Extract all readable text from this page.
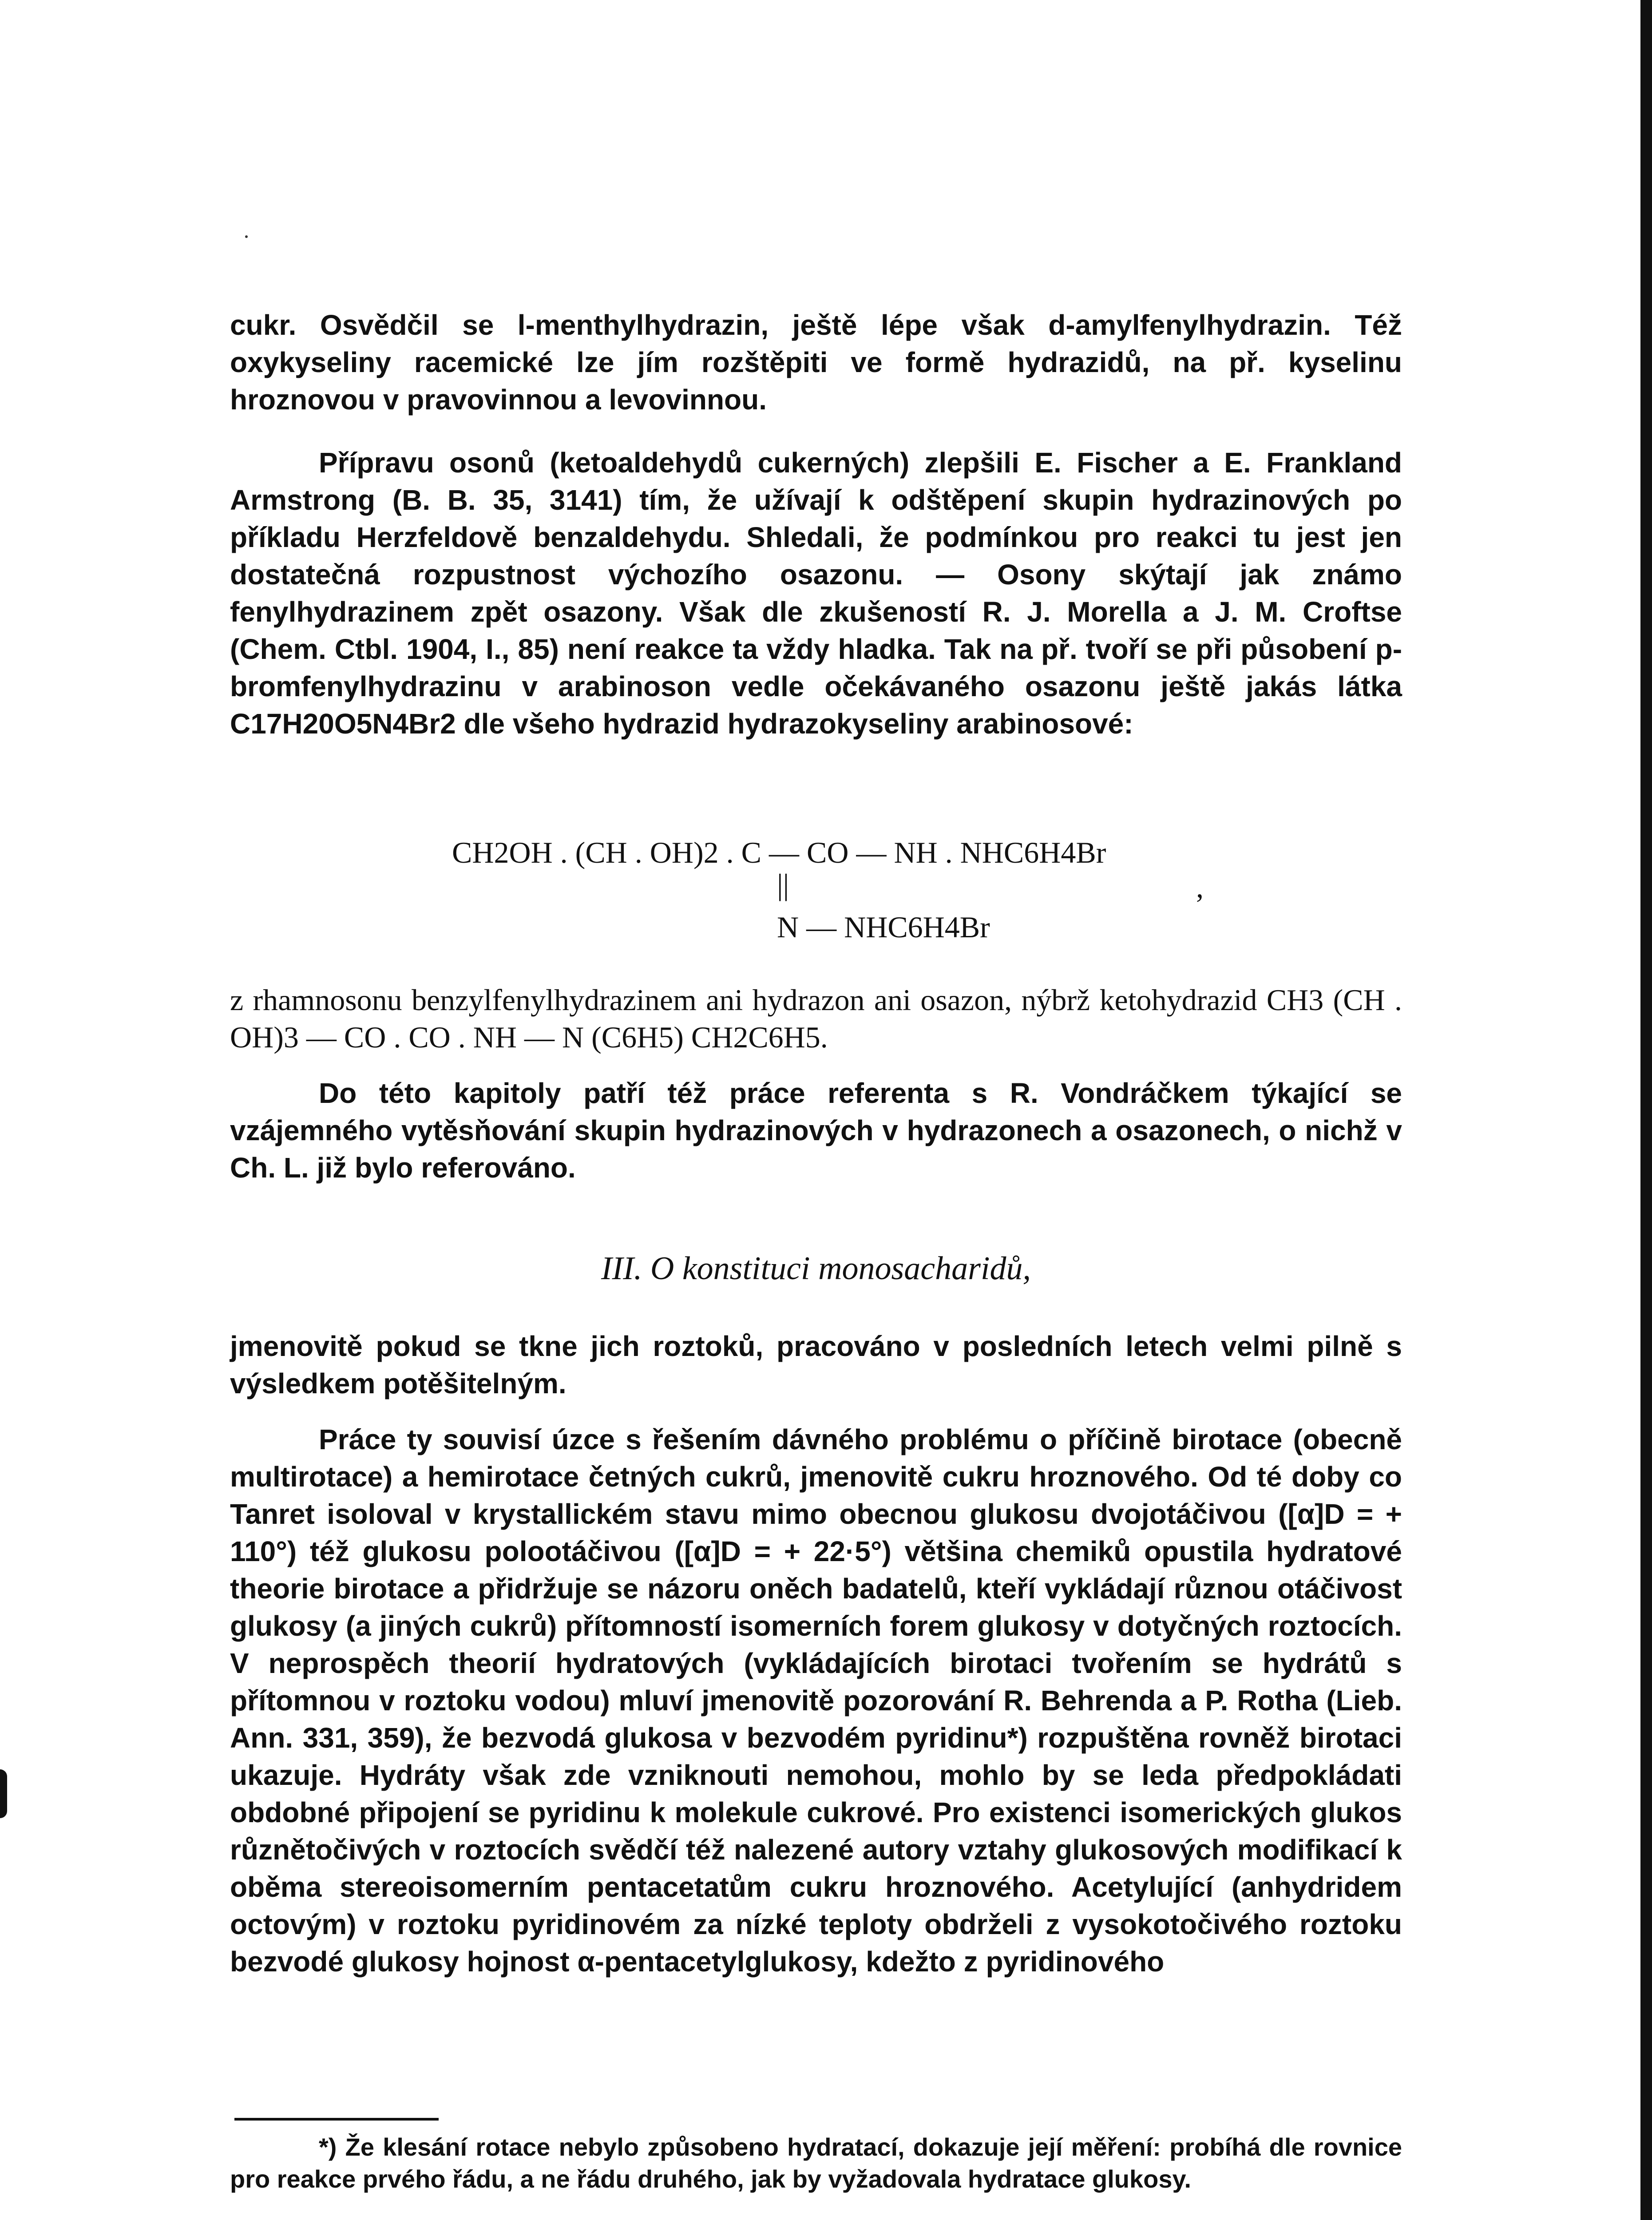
cukr. Osvědčil se l-menthylhydrazin, ještě lépe však d-amylfenylhydrazin. Též oxykyseliny racemické lze jím rozštěpiti ve formě hydrazidů, na př. kyselinu hroznovou v pravovinnou a levovinnou.

Přípravu osonů (ketoaldehydů cukerných) zlepšili E. Fischer a E. Frankland Armstrong (B. B. 35, 3141) tím, že užívají k odštěpení skupin hydrazinových po příkladu Herzfeldově benzaldehydu. Shledali, že podmínkou pro reakci tu jest jen dostatečná rozpustnost výchozího osazonu. — Osony skýtají jak známo fenylhydrazinem zpět osazony. Však dle zkušeností R. J. Morella a J. M. Croftse (Chem. Ctbl. 1904, I., 85) není reakce ta vždy hladka. Tak na př. tvoří se při působení p-bromfenylhydrazinu v arabinoson vedle očekávaného osazonu ještě jakás látka C17H20O5N4Br2 dle všeho hydrazid hydrazokyseliny arabinosové:

CH2OH . (CH . OH)2 . C — CO — NH . NHC6H4Br
||
N — NHC6H4Br
,

z rhamnosonu benzylfenylhydrazinem ani hydrazon ani osazon, nýbrž ketohydrazid CH3 (CH . OH)3 — CO . CO . NH — N (C6H5) CH2C6H5.

Do této kapitoly patří též práce referenta s R. Vondráčkem týkající se vzájemného vytěsňování skupin hydrazinových v hydrazonech a osazonech, o nichž v Ch. L. již bylo referováno.

III. O konstituci monosacharidů,

jmenovitě pokud se tkne jich roztoků, pracováno v posledních letech velmi pilně s výsledkem potěšitelným.

Práce ty souvisí úzce s řešením dávného problému o příčině birotace (obecně multirotace) a hemirotace četných cukrů, jmenovitě cukru hroznového. Od té doby co Tanret isoloval v krystallickém stavu mimo obecnou glukosu dvojotáčivou ([α]D = + 110°) též glukosu polootáčivou ([α]D = + 22·5°) většina chemiků opustila hydratové theorie birotace a přidržuje se názoru oněch badatelů, kteří vykládají různou otáčivost glukosy (a jiných cukrů) přítomností isomerních forem glukosy v dotyčných roztocích. V neprospěch theorií hydratových (vykládajících birotaci tvořením se hydrátů s přítomnou v roztoku vodou) mluví jmenovitě pozorování R. Behrenda a P. Rotha (Lieb. Ann. 331, 359), že bezvodá glukosa v bezvodém pyridinu*) rozpuštěna rovněž birotaci ukazuje. Hydráty však zde vzniknouti nemohou, mohlo by se leda předpokládati obdobné připojení se pyridinu k molekule cukrové. Pro existenci isomerických glukos různětočivých v roztocích svědčí též nalezené autory vztahy glukosových modifikací k oběma stereoisomerním pentacetatům cukru hroznového. Acetylující (anhydridem octovým) v roztoku pyridinovém za nízké teploty obdrželi z vysokotočivého roztoku bezvodé glukosy hojnost α-pentacetylglukosy, kdežto z pyridinového

*) Že klesání rotace nebylo způsobeno hydratací, dokazuje její měření: probíhá dle rovnice pro reakce prvého řádu, a ne řádu druhého, jak by vyžadovala hydratace glukosy.
